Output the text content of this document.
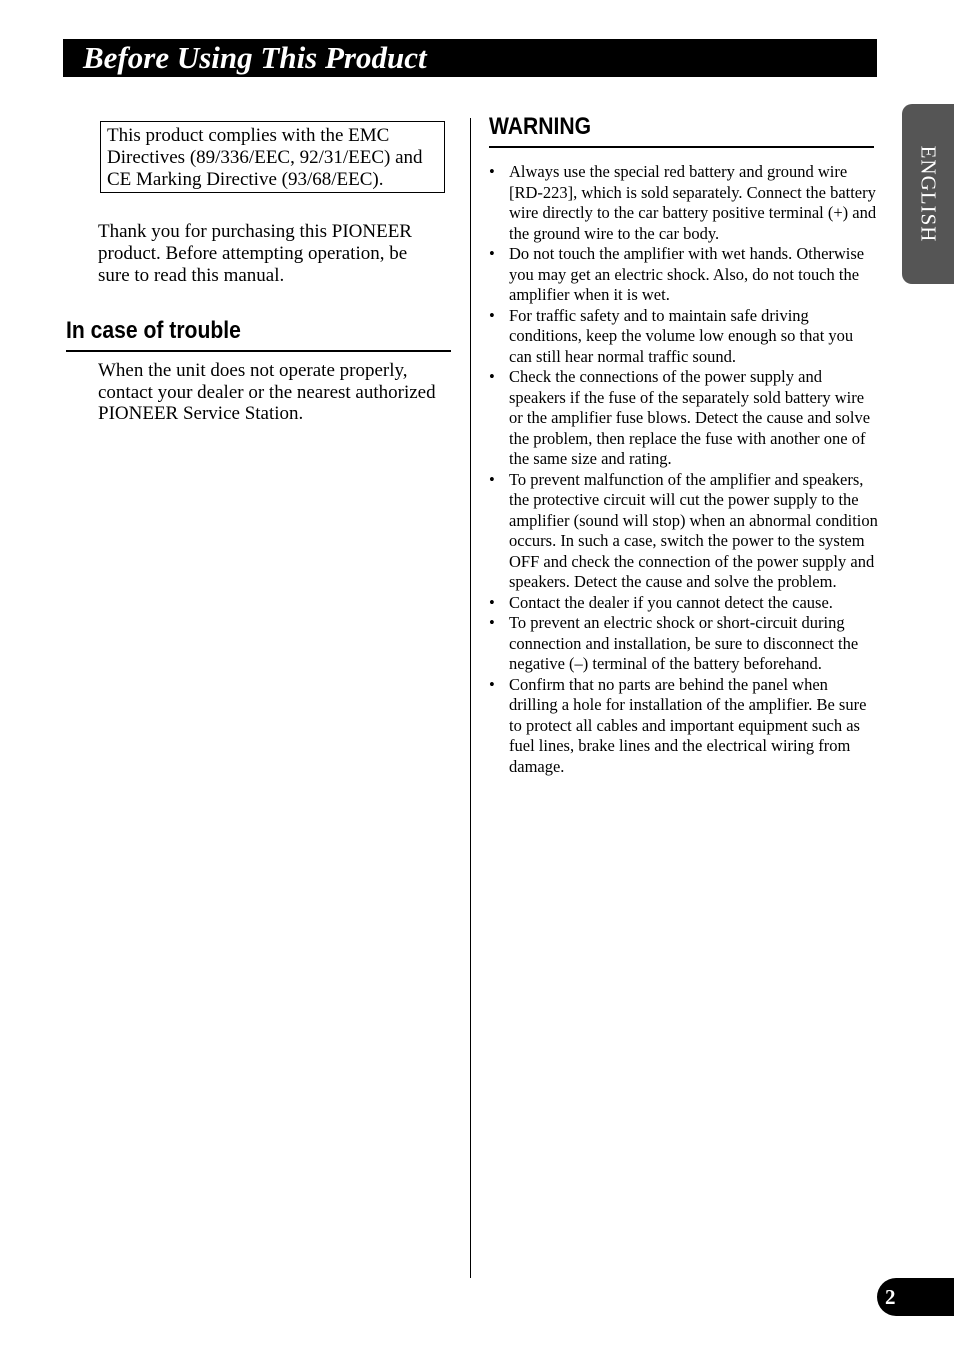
Before Using This Product
ENGLISH
This product complies with the EMC Directives (89/336/EEC, 92/31/EEC) and CE Marking Directive (93/68/EEC).
Thank you for purchasing this PIONEER product. Before attempting operation, be sure to read this manual.
In case of trouble
When the unit does not operate properly, contact your dealer or the nearest authorized PIONEER Service Station.
WARNING
• Always use the special red battery and ground wire [RD-223], which is sold separately. Connect the battery wire directly to the car battery positive terminal (+) and the ground wire to the car body.
• Do not touch the amplifier with wet hands. Otherwise you may get an electric shock. Also, do not touch the amplifier when it is wet.
• For traffic safety and to maintain safe driving conditions, keep the volume low enough so that you can still hear normal traffic sound.
• Check the connections of the power supply and speakers if the fuse of the separately sold battery wire or the amplifier fuse blows. Detect the cause and solve the problem, then replace the fuse with another one of the same size and rating.
• To prevent malfunction of the amplifier and speakers, the protective circuit will cut the power supply to the amplifier (sound will stop) when an abnormal condition occurs. In such a case, switch the power to the system OFF and check the connection of the power supply and speakers. Detect the cause and solve the problem.
• Contact the dealer if you cannot detect the cause.
• To prevent an electric shock or short-circuit during connection and installation, be sure to disconnect the negative (–) terminal of the battery beforehand.
• Confirm that no parts are behind the panel when drilling a hole for installation of the amplifier. Be sure to protect all cables and important equipment such as fuel lines, brake lines and the electrical wiring from damage.
2
